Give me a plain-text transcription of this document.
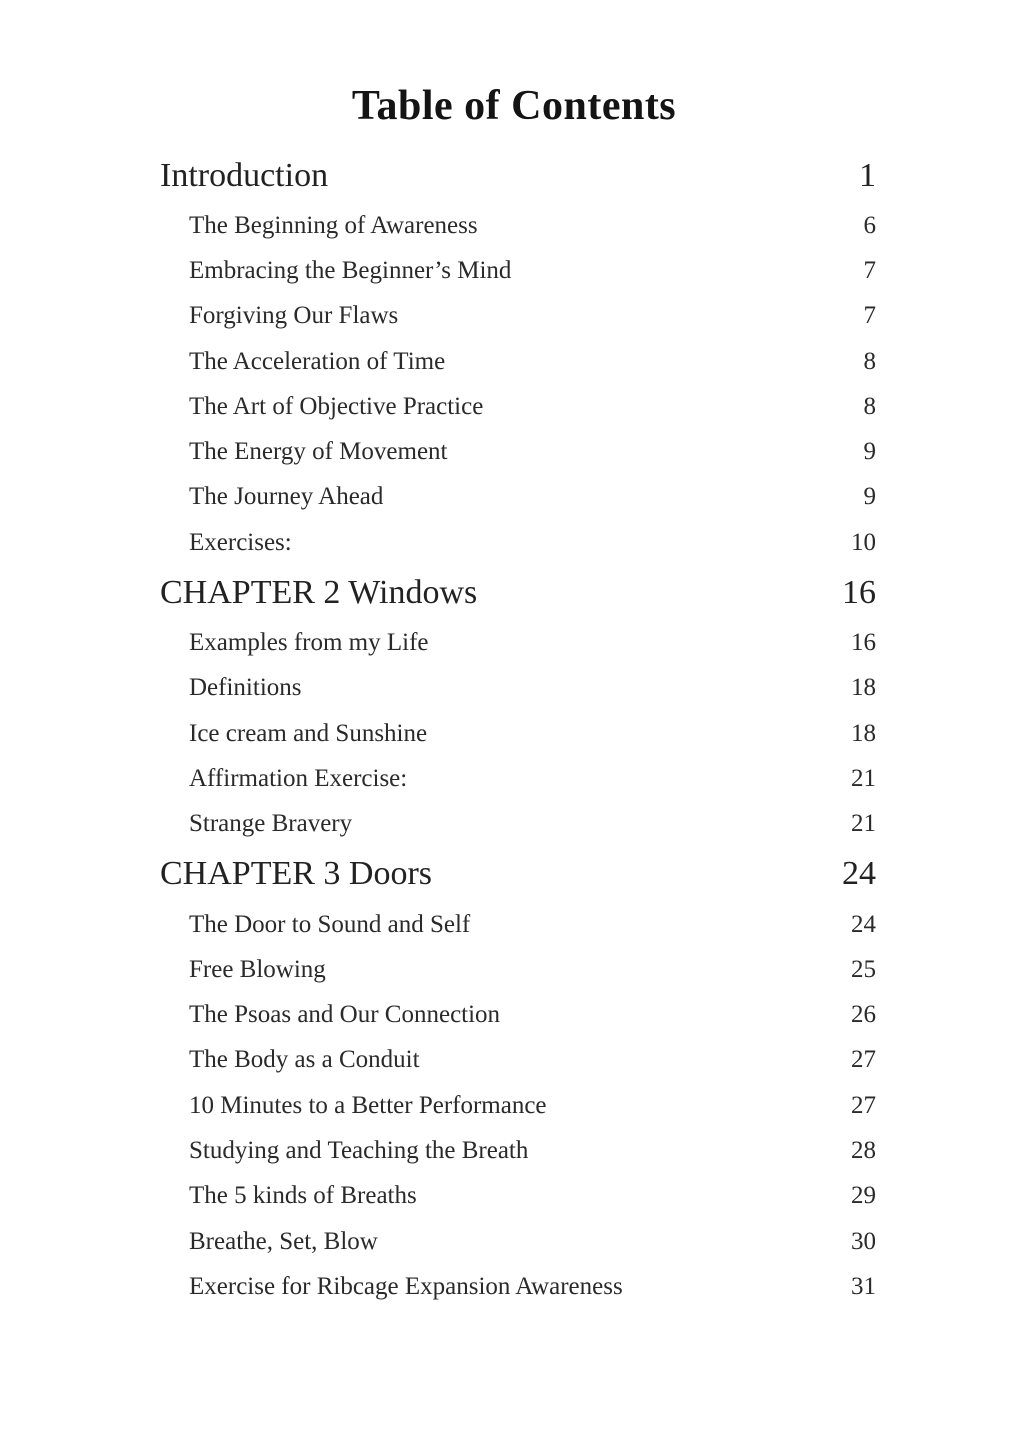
Table of Contents
Introduction	1
The Beginning of Awareness	6
Embracing the Beginner’s Mind	7
Forgiving Our Flaws	7
The Acceleration of Time	8
The Art of Objective Practice	8
The Energy of Movement	9
The Journey Ahead	9
Exercises:	10
CHAPTER 2 Windows	16
Examples from my Life	16
Definitions	18
Ice cream and Sunshine	18
Affirmation Exercise:	21
Strange Bravery	21
CHAPTER 3 Doors	24
The Door to Sound and Self	24
Free Blowing	25
The Psoas and Our Connection	26
The Body as a Conduit	27
10 Minutes to a Better Performance	27
Studying and Teaching the Breath	28
The 5 kinds of Breaths	29
Breathe, Set, Blow	30
Exercise for Ribcage Expansion Awareness	31
